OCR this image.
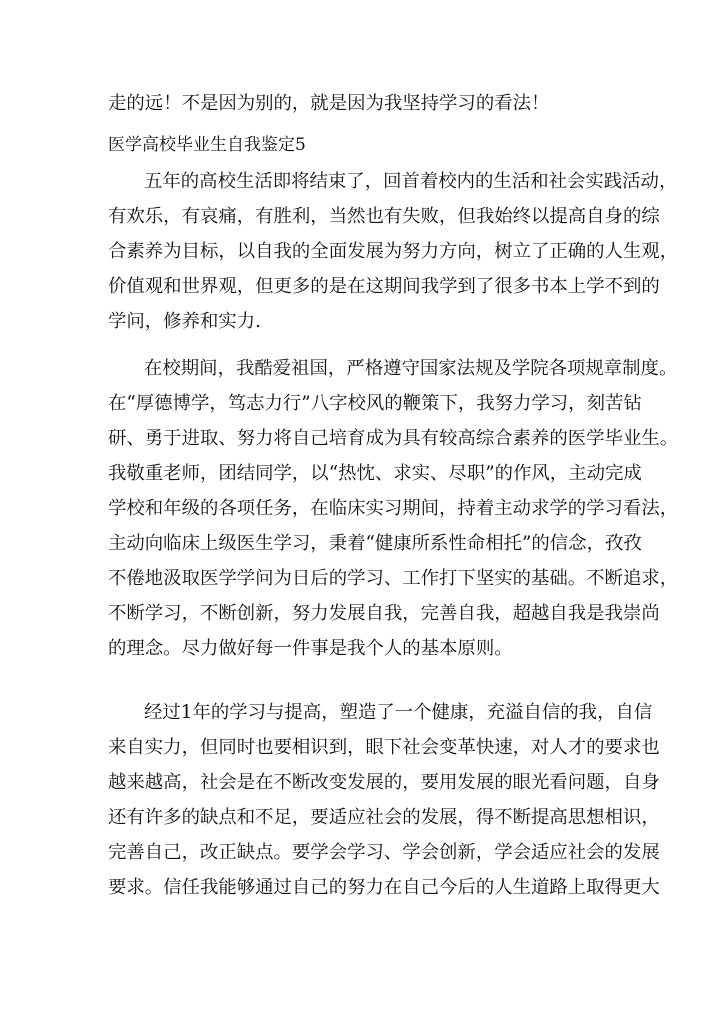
走的远！不是因为别的，就是因为我坚持学习的看法！
医学高校毕业生自我鉴定5
五年的高校生活即将结束了，回首着校内的生活和社会实践活动，
有欢乐，有哀痛，有胜利，当然也有失败，但我始终以提高自身的综
合素养为目标，以自我的全面发展为努力方向，树立了正确的人生观，
价值观和世界观，但更多的是在这期间我学到了很多书本上学不到的
学问，修养和实力.
在校期间，我酷爱祖国，严格遵守国家法规及学院各项规章制度。
在“厚德博学，笃志力行”八字校风的鞭策下，我努力学习，刻苦钻
研、勇于进取、努力将自己培育成为具有较高综合素养的医学毕业生。
我敬重老师，团结同学，以“热忱、求实、尽职”的作风，主动完成
学校和年级的各项任务，在临床实习期间，持着主动求学的学习看法，
主动向临床上级医生学习，秉着“健康所系性命相托”的信念，孜孜
不倦地汲取医学学问为日后的学习、工作打下坚实的基础。不断追求，
不断学习，不断创新，努力发展自我，完善自我，超越自我是我崇尚
的理念。尽力做好每一件事是我个人的基本原则。
经过1年的学习与提高，塑造了一个健康，充溢自信的我，自信
来自实力，但同时也要相识到，眼下社会变革快速，对人才的要求也
越来越高，社会是在不断改变发展的，要用发展的眼光看问题，自身
还有许多的缺点和不足，要适应社会的发展，得不断提高思想相识，
完善自己，改正缺点。要学会学习、学会创新，学会适应社会的发展
要求。信任我能够通过自己的努力在自己今后的人生道路上取得更大
